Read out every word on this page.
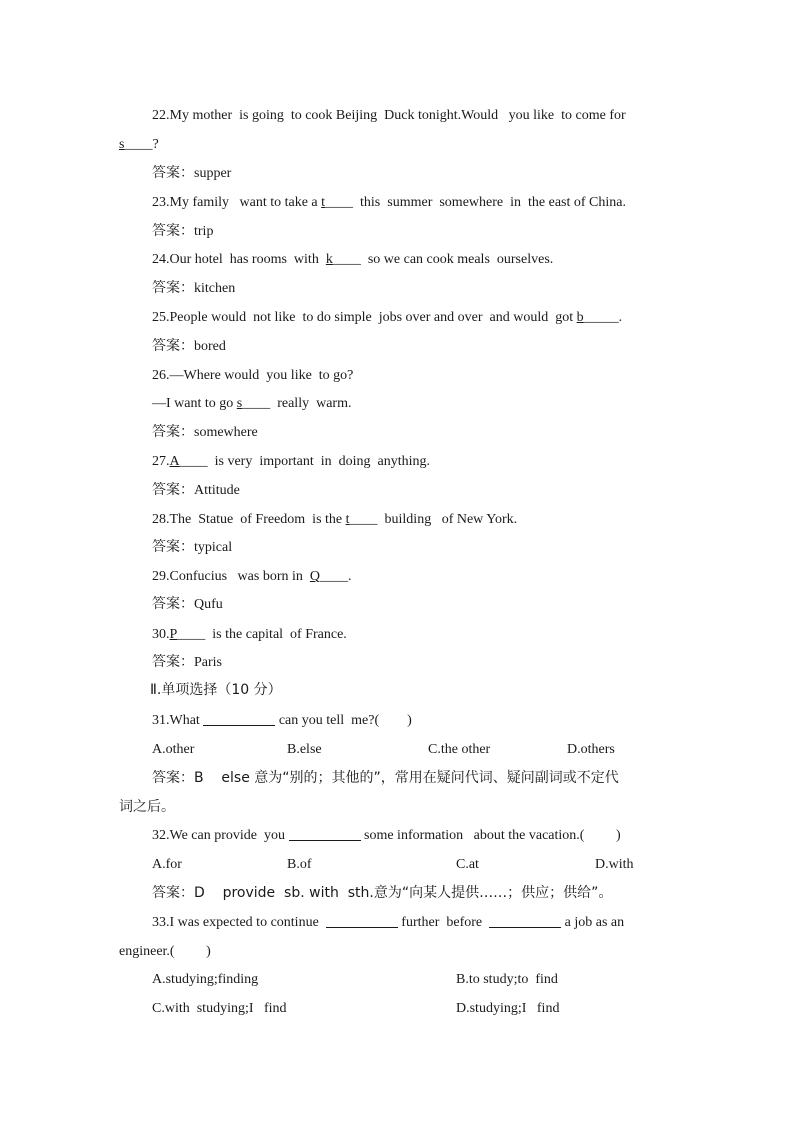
22.My mother  is going  to cook Beijing  Duck tonight.Would   you like  to come for
s____?
答案：supper
23.My family   want to take a t____  this  summer  somewhere  in  the east of China.
答案：trip
24.Our hotel  has rooms  with  k____  so we can cook meals  ourselves.
答案：kitchen
25.People would  not like  to do simple  jobs over and over  and would  got b_____.
答案：bored
26.—Where would  you like  to go?
—I want to go s____  really  warm.
答案：somewhere
27.A____  is very  important  in  doing  anything.
答案：Attitude
28.The  Statue  of Freedom  is the t____  building   of New York.
答案：typical
29.Confucius   was born in  Q____.
答案：Qufu
30.P____  is the capital  of France.
答案：Paris
Ⅱ.单项选择（10 分）
31.What	can you tell  me?(        )
A.other	B.else	C.the other	D.others
答案：B    else 意为“别的；其他的”，常用在疑问代词、疑问副词或不定代
词之后。
32.We can provide  you	some information   about the vacation.(         )
A.for	B.of	C.at	D.with
答案：D    provide  sb. with  sth.意为“向某人提供……；供应；供给”。
33.I was expected to continue	further  before	a job as an
engineer.(         )
A.studying;finding	B.to study;to  find
C.with  studying;I   find	D.studying;I   find
